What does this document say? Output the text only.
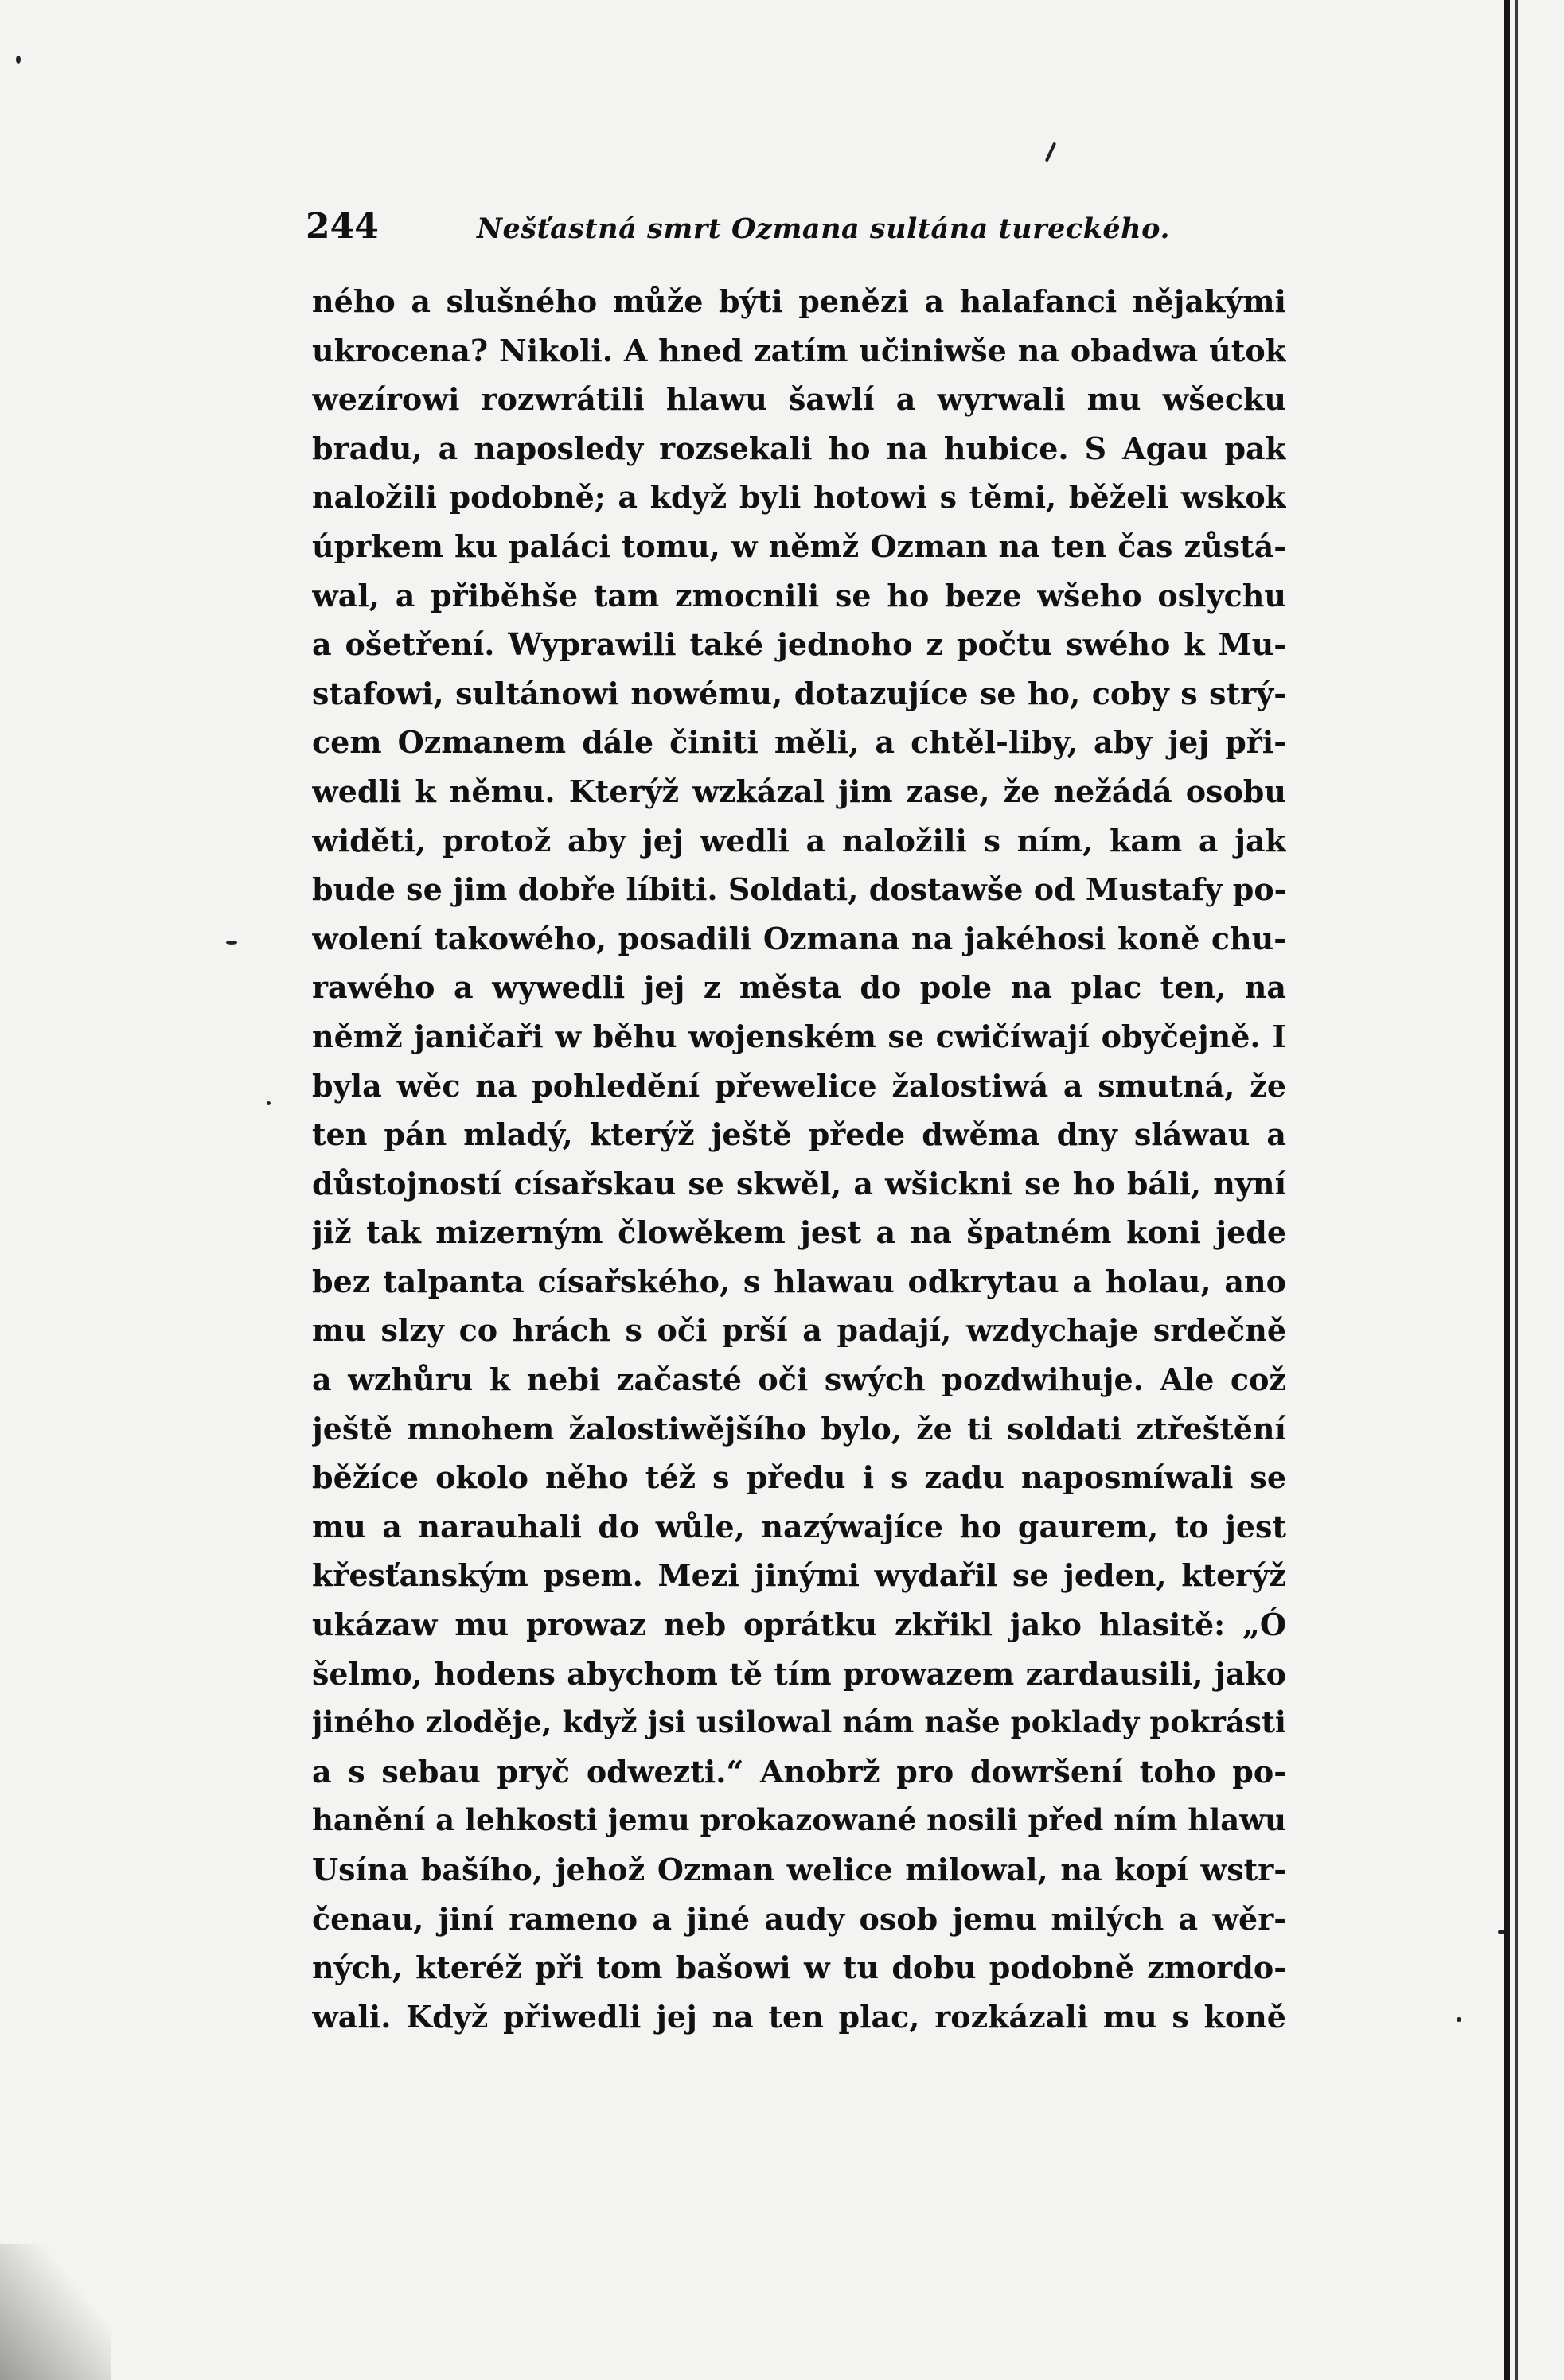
244	Nešťastná smrt Ozmana sultána tureckého.
ného a slušného může býti penězi a halafanci nějakými
ukrocena? Nikoli. A hned zatím učiniwše na obadwa útok
wezírowi rozwrátili hlawu šawlí a wyrwali mu wšecku
bradu, a naposledy rozsekali ho na hubice. S Agau pak
naložili podobně; a když byli hotowi s těmi, běželi wskok
úprkem ku paláci tomu, w němž Ozman na ten čas zůstá-
wal, a přiběhše tam zmocnili se ho beze wšeho oslychu
a ošetření. Wyprawili také jednoho z počtu swého k Mu-
stafowi, sultánowi nowému, dotazujíce se ho, coby s strý-
cem Ozmanem dále činiti měli, a chtěl-liby, aby jej při-
wedli k němu. Kterýž wzkázal jim zase, že nežádá osobu
widěti, protož aby jej wedli a naložili s ním, kam a jak
bude se jim dobře líbiti. Soldati, dostawše od Mustafy po-
wolení takowého, posadili Ozmana na jakéhosi koně chu-
rawého a wywedli jej z města do pole na plac ten, na
němž janičaři w běhu wojenském se cwičíwají obyčejně. I
byla wěc na pohledění přewelice žalostiwá a smutná, že
ten pán mladý, kterýž ještě přede dwěma dny sláwau a
důstojností císařskau se skwěl, a wšickni se ho báli, nyní
již tak mizerným člowěkem jest a na špatném koni jede
bez talpanta císařského, s hlawau odkrytau a holau, ano
mu slzy co hrách s oči prší a padají, wzdychaje srdečně
a wzhůru k nebi začasté oči swých pozdwihuje. Ale což
ještě mnohem žalostiwějšího bylo, že ti soldati ztřeštění
běžíce okolo něho též s předu i s zadu naposmíwali se
mu a narauhali do wůle, nazýwajíce ho gaurem, to jest
křesťanským psem. Mezi jinými wydařil se jeden, kterýž
ukázaw mu prowaz neb oprátku zkřikl jako hlasitě: „Ó
šelmo, hodens abychom tě tím prowazem zardausili, jako
jiného zloděje, když jsi usilowal nám naše poklady pokrásti
a s sebau pryč odwezti.“ Anobrž pro dowršení toho po-
hanění a lehkosti jemu prokazowané nosili před ním hlawu
Usína bašího, jehož Ozman welice milowal, na kopí wstr-
čenau, jiní rameno a jiné audy osob jemu milých a wěr-
ných, kteréž při tom bašowi w tu dobu podobně zmordo-
wali. Když přiwedli jej na ten plac, rozkázali mu s koně
